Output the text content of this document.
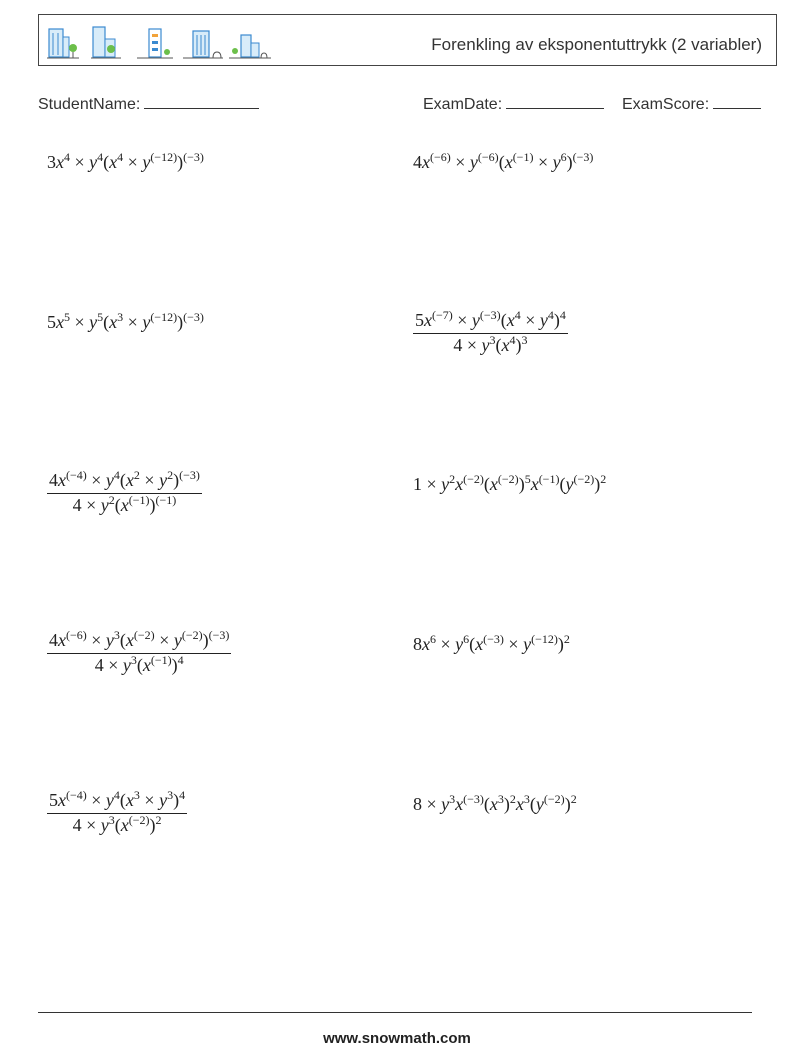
Forenkling av eksponentuttrykk (2 variabler)
StudentName:	ExamDate:	ExamScore:
$3x^4 \times y^4(x^4 \times y^{(-12)})^{(-3)}$	$4x^{(-6)} \times y^{(-6)}(x^{(-1)} \times y^6)^{(-3)}$
$5x^5 \times y^5(x^3 \times y^{(-12)})^{(-3)}$	$\frac{5x^{(-7)} \times y^{(-3)}(x^4 \times y^4)^4}{4 \times y^3(x^4)^3}$
$\frac{4x^{(-4)} \times y^4(x^2 \times y^2)^{(-3)}}{4 \times y^2(x^{(-1)})^{(-1)}}$	$1 \times y^2x^{(-2)}(x^{(-2)})^5x^{(-1)}(y^{(-2)})^2$
$\frac{4x^{(-6)} \times y^3(x^{(-2)} \times y^{(-2)})^{(-3)}}{4 \times y^3(x^{(-1)})^4}$	$8x^6 \times y^6(x^{(-3)} \times y^{(-12)})^2$
$\frac{5x^{(-4)} \times y^4(x^3 \times y^3)^4}{4 \times y^3(x^{(-2)})^2}$	$8 \times y^3x^{(-3)}(x^3)^2x^3(y^{(-2)})^2$
www.snowmath.com
